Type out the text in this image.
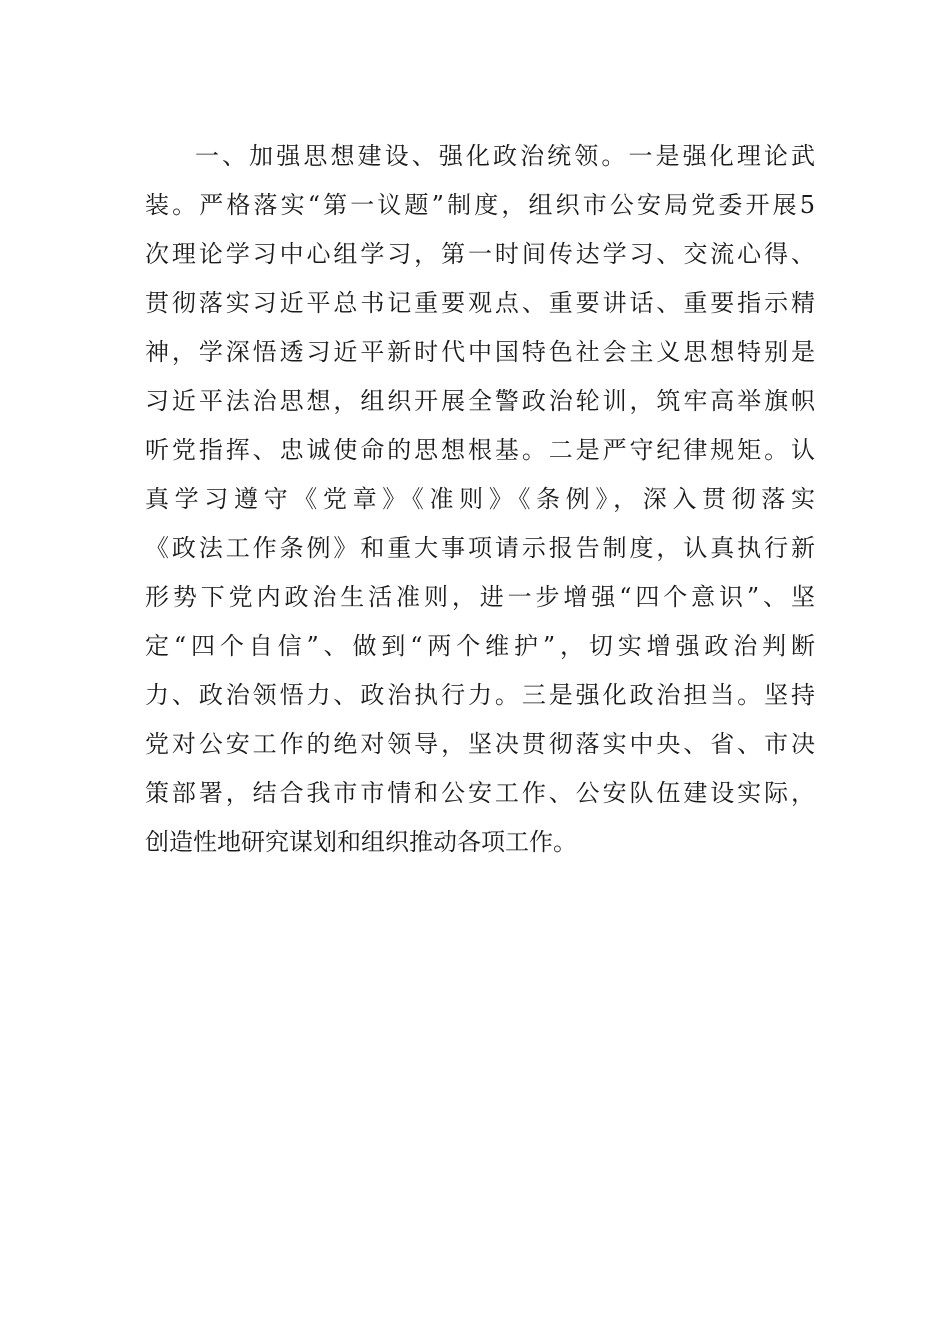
一、加强思想建设、强化政治统领。一是强化理论武
装。严格落实“第一议题”制度，组织市公安局党委开展5
次理论学习中心组学习，第一时间传达学习、交流心得、
贯彻落实习近平总书记重要观点、重要讲话、重要指示精
神，学深悟透习近平新时代中国特色社会主义思想特别是
习近平法治思想，组织开展全警政治轮训，筑牢高举旗帜
听党指挥、忠诚使命的思想根基。二是严守纪律规矩。认
真学习遵守《党章》《准则》《条例》，深入贯彻落实
《政法工作条例》和重大事项请示报告制度，认真执行新
形势下党内政治生活准则，进一步增强“四个意识”、坚
定“四个自信”、做到“两个维护”，切实增强政治判断
力、政治领悟力、政治执行力。三是强化政治担当。坚持
党对公安工作的绝对领导，坚决贯彻落实中央、省、市决
策部署，结合我市市情和公安工作、公安队伍建设实际，
创造性地研究谋划和组织推动各项工作。
